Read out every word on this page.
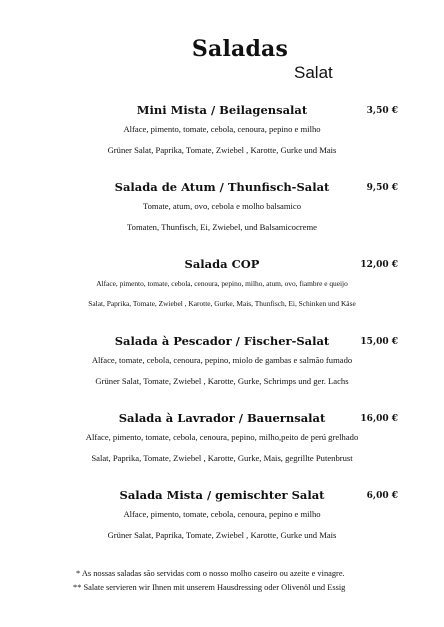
Saladas
Salat
Mini Mista / Beilagensalat	3,50 €
Alface, pimento, tomate, cebola, cenoura, pepino e milho
Grüner Salat, Paprika, Tomate, Zwiebel , Karotte, Gurke und Mais
Salada de Atum / Thunfisch-Salat	9,50 €
Tomate, atum, ovo, cebola e molho balsamico
Tomaten, Thunfisch, Ei, Zwiebel, und Balsamicocreme
Salada COP	12,00 €
Alface, pimento, tomate, cebola, cenoura, pepino, milho, atum, ovo, fiambre e queijo
Salat, Paprika, Tomate, Zwiebel , Karotte, Gurke, Mais, Thunfisch, Ei, Schinken und Käse
Salada à Pescador / Fischer-Salat	15,00 €
Alface, tomate, cebola, cenoura, pepino, miolo de gambas e salmão fumado
Grüner Salat, Tomate, Zwiebel , Karotte, Gurke, Schrimps und ger. Lachs
Salada à Lavrador / Bauernsalat	16,00 €
Alface, pimento, tomate, cebola, cenoura, pepino, milho,peito de perú grelhado
Salat, Paprika, Tomate, Zwiebel , Karotte, Gurke, Mais, gegrillte Putenbrust
Salada Mista / gemischter Salat	6,00 €
Alface, pimento, tomate, cebola, cenoura, pepino e milho
Grüner Salat, Paprika, Tomate, Zwiebel , Karotte, Gurke und Mais
* As nossas saladas são servidas com o nosso molho caseiro ou azeite e vinagre.
** Salate servieren wir Ihnen mit unserem Hausdressing oder Olivenöl und Essig
